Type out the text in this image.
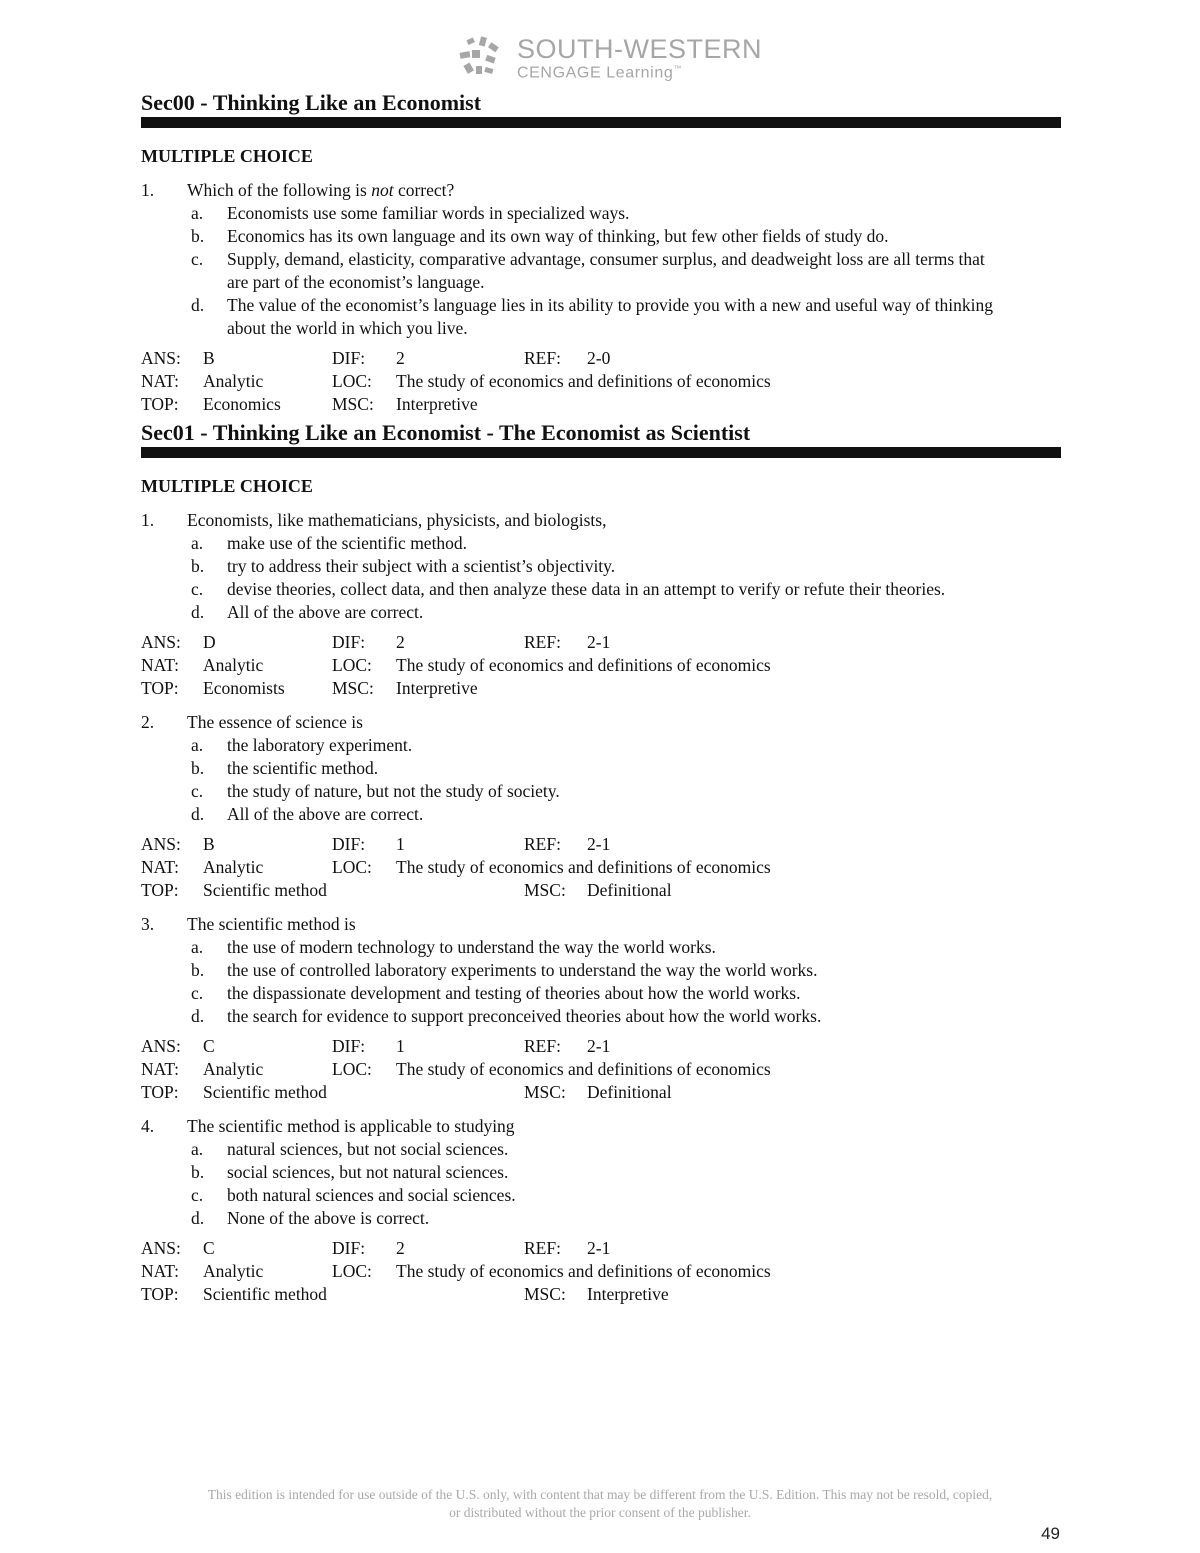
SOUTH-WESTERN
CENGAGE Learning™
Sec00 - Thinking Like an Economist
MULTIPLE CHOICE
1.	Which of the following is not correct?
a.	Economists use some familiar words in specialized ways.
b.	Economics has its own language and its own way of thinking, but few other fields of study do.
c.	Supply, demand, elasticity, comparative advantage, consumer surplus, and deadweight loss are all terms that are part of the economist’s language.
d.	The value of the economist’s language lies in its ability to provide you with a new and useful way of thinking about the world in which you live.
ANS: B	DIF: 2	REF: 2-0
NAT: Analytic	LOC: The study of economics and definitions of economics
TOP: Economics	MSC: Interpretive
Sec01 - Thinking Like an Economist - The Economist as Scientist
MULTIPLE CHOICE
1.	Economists, like mathematicians, physicists, and biologists,
a.	make use of the scientific method.
b.	try to address their subject with a scientist’s objectivity.
c.	devise theories, collect data, and then analyze these data in an attempt to verify or refute their theories.
d.	All of the above are correct.
ANS: D	DIF: 2	REF: 2-1
NAT: Analytic	LOC: The study of economics and definitions of economics
TOP: Economists	MSC: Interpretive
2.	The essence of science is
a.	the laboratory experiment.
b.	the scientific method.
c.	the study of nature, but not the study of society.
d.	All of the above are correct.
ANS: B	DIF: 1	REF: 2-1
NAT: Analytic	LOC: The study of economics and definitions of economics
TOP: Scientific method	MSC: Definitional
3.	The scientific method is
a.	the use of modern technology to understand the way the world works.
b.	the use of controlled laboratory experiments to understand the way the world works.
c.	the dispassionate development and testing of theories about how the world works.
d.	the search for evidence to support preconceived theories about how the world works.
ANS: C	DIF: 1	REF: 2-1
NAT: Analytic	LOC: The study of economics and definitions of economics
TOP: Scientific method	MSC: Definitional
4.	The scientific method is applicable to studying
a.	natural sciences, but not social sciences.
b.	social sciences, but not natural sciences.
c.	both natural sciences and social sciences.
d.	None of the above is correct.
ANS: C	DIF: 2	REF: 2-1
NAT: Analytic	LOC: The study of economics and definitions of economics
TOP: Scientific method	MSC: Interpretive
This edition is intended for use outside of the U.S. only, with content that may be different from the U.S. Edition. This may not be resold, copied,
or distributed without the prior consent of the publisher.
49
